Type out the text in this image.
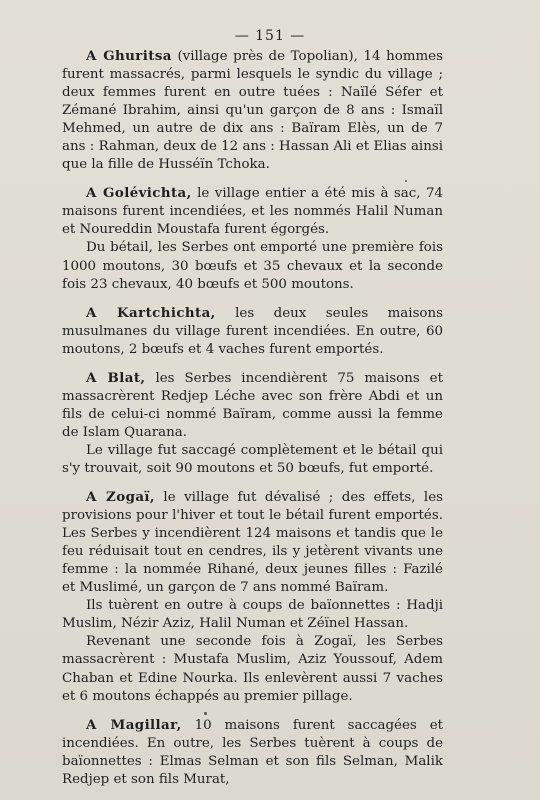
— 151 —

A Ghuritsa (village près de Topolian), 14 hommes furent massacrés, parmi lesquels le syndic du village ; deux femmes furent en outre tuées : Naïlé Séfer et Zémané Ibrahim, ainsi qu'un garçon de 8 ans : Ismaïl Mehmed, un autre de dix ans : Baïram Elès, un de 7 ans : Rahman, deux de 12 ans : Hassan Ali et Elias ainsi que la fille de Husséïn Tchoka.

A Golévichta, le village entier a été mis à sac, 74 maisons furent incendiées, et les nommés Halil Numan et Noureddin Moustafa furent égorgés.

Du bétail, les Serbes ont emporté une première fois 1000 moutons, 30 bœufs et 35 chevaux et la seconde fois 23 chevaux, 40 bœufs et 500 moutons.

A Kartchichta, les deux seules maisons musulmanes du village furent incendiées. En outre, 60 moutons, 2 bœufs et 4 vaches furent emportés.

A Blat, les Serbes incendièrent 75 maisons et massacrèrent Redjep Léche avec son frère Abdi et un fils de celui-ci nommé Baïram, comme aussi la femme de Islam Quarana.

Le village fut saccagé complètement et le bétail qui s'y trouvait, soit 90 moutons et 50 bœufs, fut emporté.

A Zogaï, le village fut dévalisé ; des effets, les provisions pour l'hiver et tout le bétail furent emportés. Les Serbes y incendièrent 124 maisons et tandis que le feu réduisait tout en cendres, ils y jetèrent vivants une femme : la nommée Rihané, deux jeunes filles : Fazilé et Muslimé, un garçon de 7 ans nommé Baïram.

Ils tuèrent en outre à coups de baïonnettes : Hadji Muslim, Nézir Aziz, Halil Numan et Zéïnel Hassan.

Revenant une seconde fois à Zogaï, les Serbes massacrèrent : Mustafa Muslim, Aziz Youssouf, Adem Chaban et Edine Nourka. Ils enlevèrent aussi 7 vaches et 6 moutons échappés au premier pillage.

A Magillar, 10 maisons furent saccagées et incendiées. En outre, les Serbes tuèrent à coups de baïonnettes : Elmas Selman et son fils Selman, Malik Redjep et son fils Murat,
